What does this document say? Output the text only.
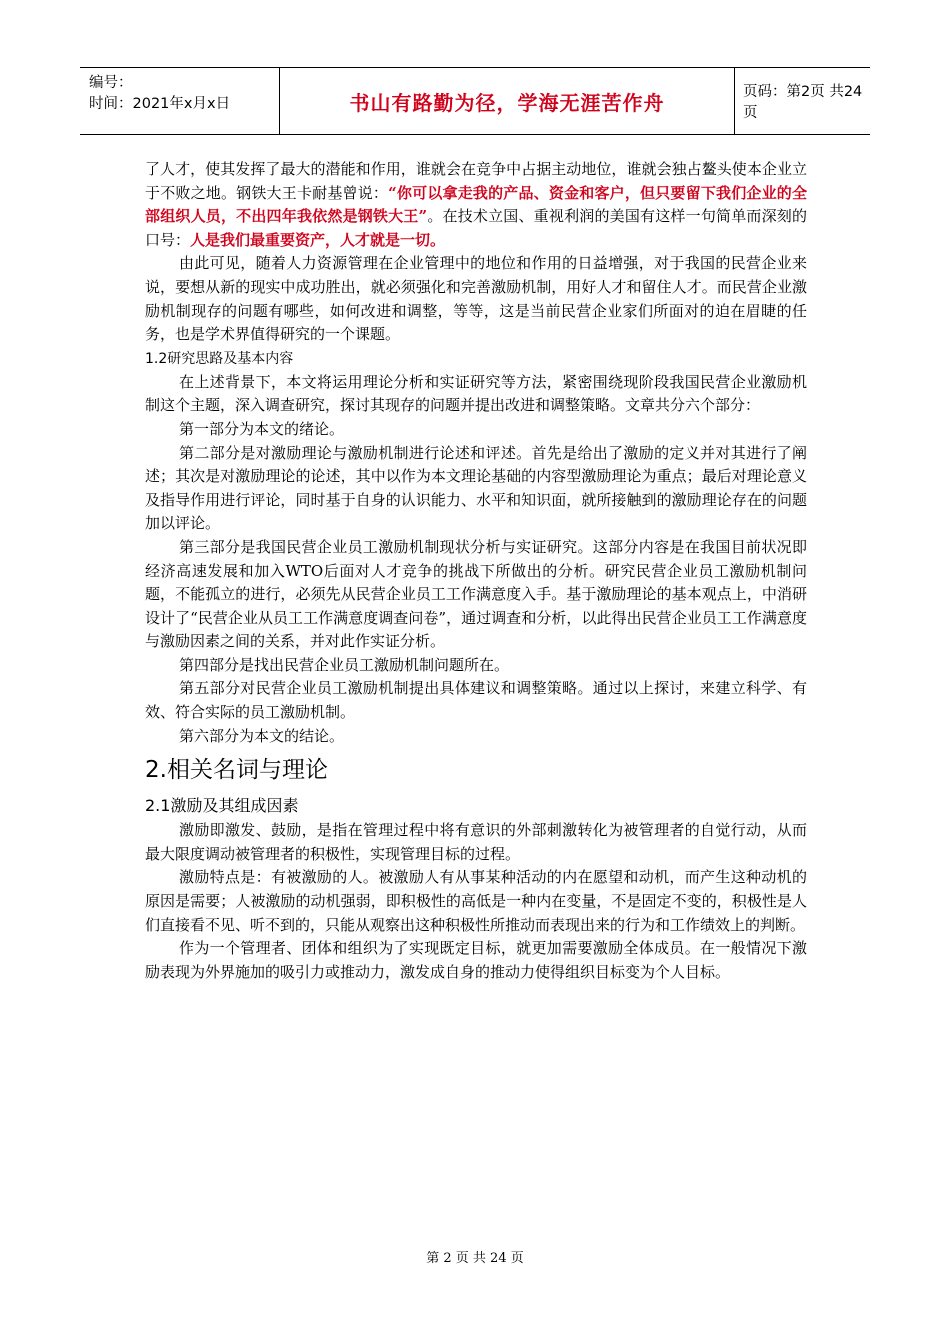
编号：
时间：2021年x月x日	书山有路勤为径，学海无涯苦作舟	页码：第2页 共24页

了人才，使其发挥了最大的潜能和作用，谁就会在竞争中占据主动地位，谁就会独占鳌头使本企业立于不败之地。钢铁大王卡耐基曾说：“你可以拿走我的产品、资金和客户，但只要留下我们企业的全部组织人员，不出四年我依然是钢铁大王”。在技术立国、重视利润的美国有这样一句简单而深刻的口号：人是我们最重要资产，人才就是一切。

由此可见，随着人力资源管理在企业管理中的地位和作用的日益增强，对于我国的民营企业来说，要想从新的现实中成功胜出，就必须强化和完善激励机制，用好人才和留住人才。而民营企业激励机制现存的问题有哪些，如何改进和调整，等等，这是当前民营企业家们所面对的迫在眉睫的任务，也是学术界值得研究的一个课题。

1.2研究思路及基本内容

在上述背景下，本文将运用理论分析和实证研究等方法，紧密围绕现阶段我国民营企业激励机制这个主题，深入调查研究，探讨其现存的问题并提出改进和调整策略。文章共分六个部分：

第一部分为本文的绪论。

第二部分是对激励理论与激励机制进行论述和评述。首先是给出了激励的定义并对其进行了阐述；其次是对激励理论的论述，其中以作为本文理论基础的内容型激励理论为重点；最后对理论意义及指导作用进行评论，同时基于自身的认识能力、水平和知识面，就所接触到的激励理论存在的问题加以评论。

第三部分是我国民营企业员工激励机制现状分析与实证研究。这部分内容是在我国目前状况即经济高速发展和加入WTO后面对人才竞争的挑战下所做出的分析。研究民营企业员工激励机制问题，不能孤立的进行，必须先从民营企业员工工作满意度入手。基于激励理论的基本观点上，中消研设计了“民营企业从员工工作满意度调查问卷”，通过调查和分析，以此得出民营企业员工工作满意度与激励因素之间的关系，并对此作实证分析。

第四部分是找出民营企业员工激励机制问题所在。

第五部分对民营企业员工激励机制提出具体建议和调整策略。通过以上探讨，来建立科学、有效、符合实际的员工激励机制。

第六部分为本文的结论。

2.相关名词与理论
2.1激励及其组成因素

激励即激发、鼓励，是指在管理过程中将有意识的外部刺激转化为被管理者的自觉行动，从而最大限度调动被管理者的积极性，实现管理目标的过程。

激励特点是：有被激励的人。被激励人有从事某种活动的内在愿望和动机，而产生这种动机的原因是需要；人被激励的动机强弱，即积极性的高低是一种内在变量，不是固定不变的，积极性是人们直接看不见、听不到的，只能从观察出这种积极性所推动而表现出来的行为和工作绩效上的判断。

作为一个管理者、团体和组织为了实现既定目标，就更加需要激励全体成员。在一般情况下激励表现为外界施加的吸引力或推动力，激发成自身的推动力使得组织目标变为个人目标。

第 2 页 共 24 页
